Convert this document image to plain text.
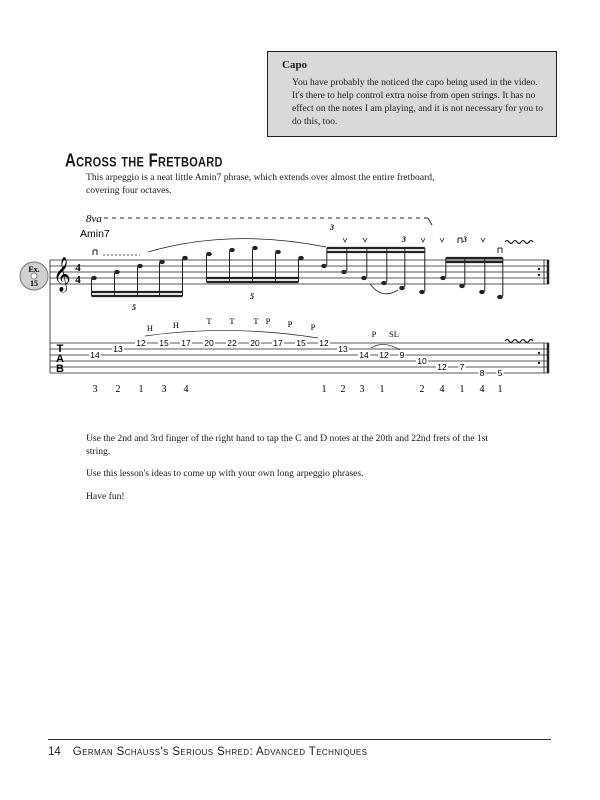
Capo
You have probably the noticed the capo being used in the video. It's there to help control extra noise from open strings. It has no effect on the notes I am playing, and it is not necessary for you to do this, too.
Across the Fretboard
This arpeggio is a neat little Amin7 phrase, which extends over almost the entire fretboard, covering four octaves.
Ex.
15
8va
Amin7
3
3	3
5
5
𝄞 4
4
H H	T T T P P P
P SL
T
A
B
14
13
12 15 17 20 22 20 17 15 12
13
14 12 9
10
12 7
8 5
3 2 1 3 4	1 2 3 1	2 4 1 4 1

Use the 2nd and 3rd finger of the right hand to tap the C and D notes at the 20th and 22nd frets of the 1st string.

Use this lesson's ideas to come up with your own long arpeggio phrases.

Have fun!

14 German Schauss's Serious Shred: Advanced Techniques
